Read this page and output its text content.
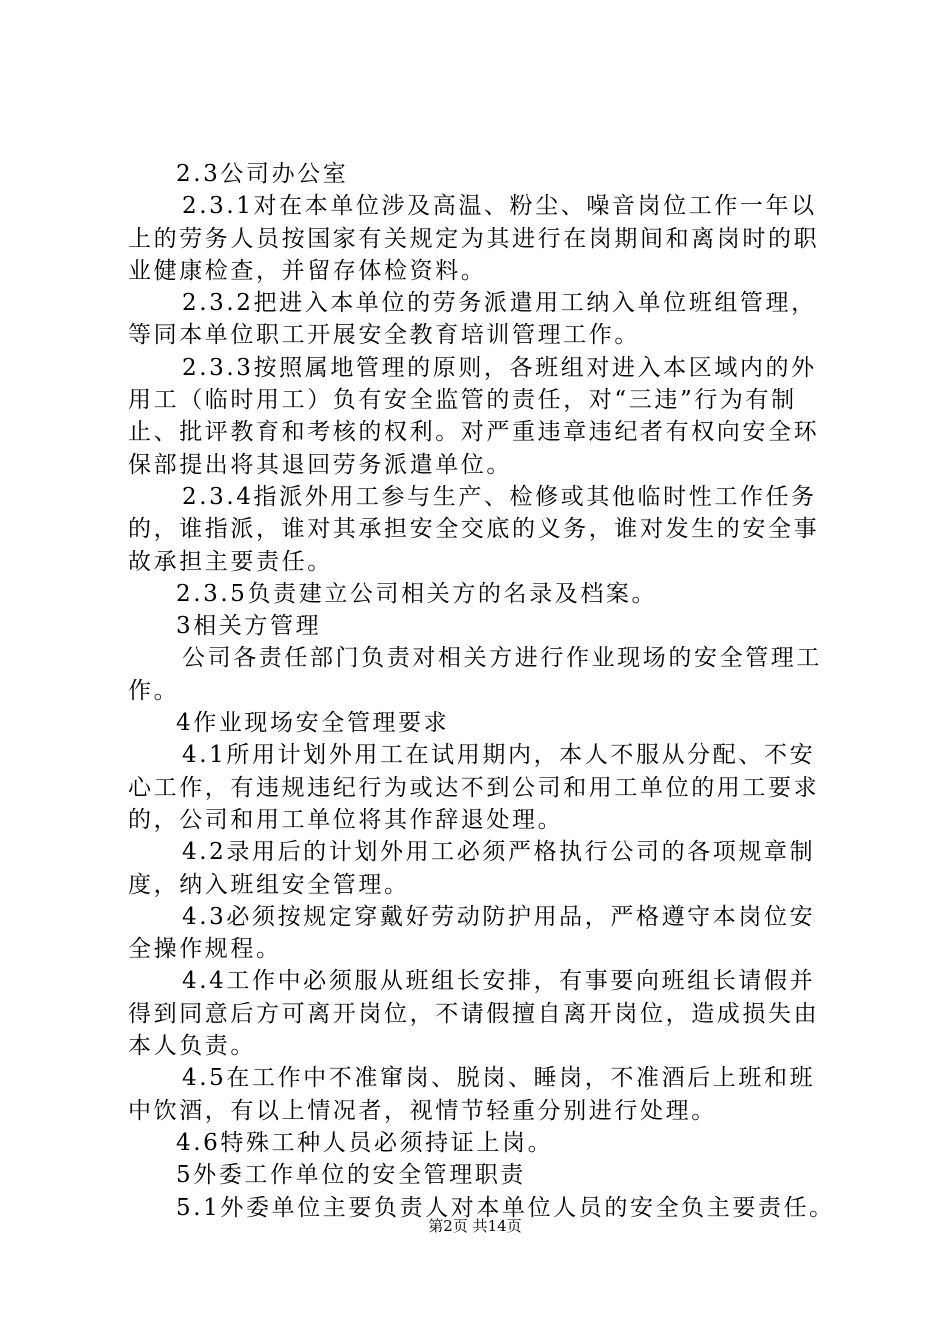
2.3公司办公室
2.3.1对在本单位涉及高温、粉尘、噪音岗位工作一年以
上的劳务人员按国家有关规定为其进行在岗期间和离岗时的职
业健康检查，并留存体检资料。
2.3.2把进入本单位的劳务派遣用工纳入单位班组管理，
等同本单位职工开展安全教育培训管理工作。
2.3.3按照属地管理的原则，各班组对进入本区域内的外
用工（临时用工）负有安全监管的责任，对“三违”行为有制
止、批评教育和考核的权利。对严重违章违纪者有权向安全环
保部提出将其退回劳务派遣单位。
2.3.4指派外用工参与生产、检修或其他临时性工作任务
的，谁指派，谁对其承担安全交底的义务，谁对发生的安全事
故承担主要责任。
2.3.5负责建立公司相关方的名录及档案。
3相关方管理
公司各责任部门负责对相关方进行作业现场的安全管理工
作。
4作业现场安全管理要求
4.1所用计划外用工在试用期内，本人不服从分配、不安
心工作，有违规违纪行为或达不到公司和用工单位的用工要求
的，公司和用工单位将其作辞退处理。
4.2录用后的计划外用工必须严格执行公司的各项规章制
度，纳入班组安全管理。
4.3必须按规定穿戴好劳动防护用品，严格遵守本岗位安
全操作规程。
4.4工作中必须服从班组长安排，有事要向班组长请假并
得到同意后方可离开岗位，不请假擅自离开岗位，造成损失由
本人负责。
4.5在工作中不准窜岗、脱岗、睡岗，不准酒后上班和班
中饮酒，有以上情况者，视情节轻重分别进行处理。
4.6特殊工种人员必须持证上岗。
5外委工作单位的安全管理职责
5.1外委单位主要负责人对本单位人员的安全负主要责任。
第2页 共14页
